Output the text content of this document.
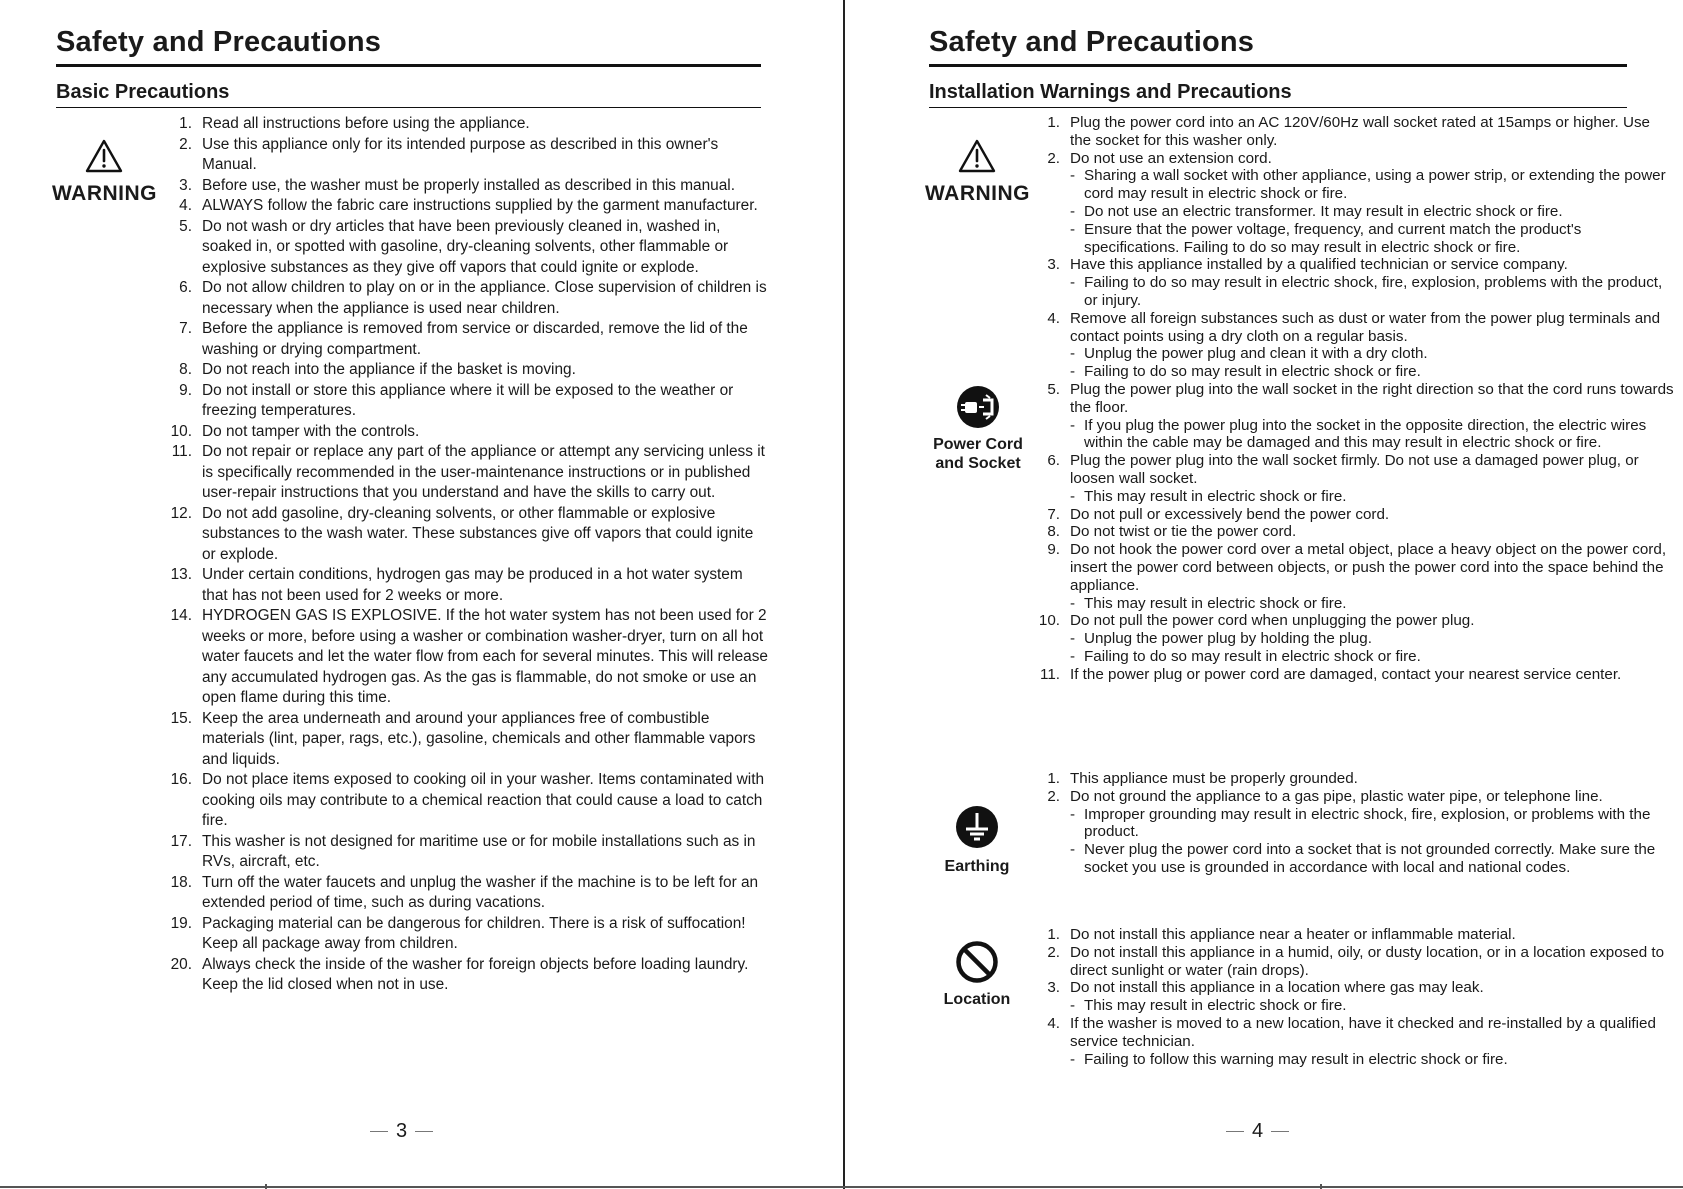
Safety and Precautions
Basic Precautions
WARNING
1. Read all instructions before using the appliance.
2. Use this appliance only for its intended purpose as described in this owner's Manual.
3. Before use, the washer must be properly installed as described in this manual.
4. ALWAYS follow the fabric care instructions supplied by the garment manufacturer.
5. Do not wash or dry articles that have been previously cleaned in, washed in, soaked in, or spotted with gasoline, dry-cleaning solvents, other flammable or explosive substances as they give off vapors that could ignite or explode.
6. Do not allow children to play on or in the appliance. Close supervision of children is necessary when the appliance is used near children.
7. Before the appliance is removed from service or discarded, remove the lid of the washing or drying compartment.
8. Do not reach into the appliance if the basket is moving.
9. Do not install or store this appliance where it will be exposed to the weather or freezing temperatures.
10. Do not tamper with the controls.
11. Do not repair or replace any part of the appliance or attempt any servicing unless it is specifically recommended in the user-maintenance instructions or in published user-repair instructions that you understand and have the skills to carry out.
12. Do not add gasoline, dry-cleaning solvents, or other flammable or explosive substances to the wash water. These substances give off vapors that could ignite or explode.
13. Under certain conditions, hydrogen gas may be produced in a hot water system that has not been used for 2 weeks or more.
14. HYDROGEN GAS IS EXPLOSIVE. If the hot water system has not been used for 2 weeks or more, before using a washer or combination washer-dryer, turn on all hot water faucets and let the water flow from each for several minutes. This will release any accumulated hydrogen gas. As the gas is flammable, do not smoke or use an open flame during this time.
15. Keep the area underneath and around your appliances free of combustible materials (lint, paper, rags, etc.), gasoline, chemicals and other flammable vapors and liquids.
16. Do not place items exposed to cooking oil in your washer. Items contaminated with cooking oils may contribute to a chemical reaction that could cause a load to catch fire.
17. This washer is not designed for maritime use or for mobile installations such as in RVs, aircraft, etc.
18. Turn off the water faucets and unplug the washer if the machine is to be left for an extended period of time, such as during vacations.
19. Packaging material can be dangerous for children. There is a risk of suffocation! Keep all package away from children.
20. Always check the inside of the washer for foreign objects before loading laundry. Keep the lid closed when not in use.
3
Safety and Precautions
Installation Warnings and Precautions
WARNING
Power Cord
and Socket
Earthing
Location
1. Plug the power cord into an AC 120V/60Hz wall socket rated at 15amps or higher. Use the socket for this washer only.
2. Do not use an extension cord.
- Sharing a wall socket with other appliance, using a power strip, or extending the power cord may result in electric shock or fire.
- Do not use an electric transformer. It may result in electric shock or fire.
- Ensure that the power voltage, frequency, and current match the product's specifications. Failing to do so may result in electric shock or fire.
3. Have this appliance installed by a qualified technician or service company.
- Failing to do so may result in electric shock, fire, explosion, problems with the product, or injury.
4. Remove all foreign substances such as dust or water from the power plug terminals and contact points using a dry cloth on a regular basis.
- Unplug the power plug and clean it with a dry cloth.
- Failing to do so may result in electric shock or fire.
5. Plug the power plug into the wall socket in the right direction so that the cord runs towards the floor.
- If you plug the power plug into the socket in the opposite direction, the electric wires within the cable may be damaged and this may result in electric shock or fire.
6. Plug the power plug into the wall socket firmly. Do not use a damaged power plug, or loosen wall socket.
- This may result in electric shock or fire.
7. Do not pull or excessively bend the power cord.
8. Do not twist or tie the power cord.
9. Do not hook the power cord over a metal object, place a heavy object on the power cord, insert the power cord between objects, or push the power cord into the space behind the appliance.
- This may result in electric shock or fire.
10. Do not pull the power cord when unplugging the power plug.
- Unplug the power plug by holding the plug.
- Failing to do so may result in electric shock or fire.
11. If the power plug or power cord are damaged, contact your nearest service center.
1. This appliance must be properly grounded.
2. Do not ground the appliance to a gas pipe, plastic water pipe, or telephone line.
- Improper grounding may result in electric shock, fire, explosion, or problems with the product.
- Never plug the power cord into a socket that is not grounded correctly. Make sure the socket you use is grounded in accordance with local and national codes.
1. Do not install this appliance near a heater or inflammable material.
2. Do not install this appliance in a humid, oily, or dusty location, or in a location exposed to direct sunlight or water (rain drops).
3. Do not install this appliance in a location where gas may leak.
- This may result in electric shock or fire.
4. If the washer is moved to a new location, have it checked and re-installed by a qualified service technician.
- Failing to follow this warning may result in electric shock or fire.
4
